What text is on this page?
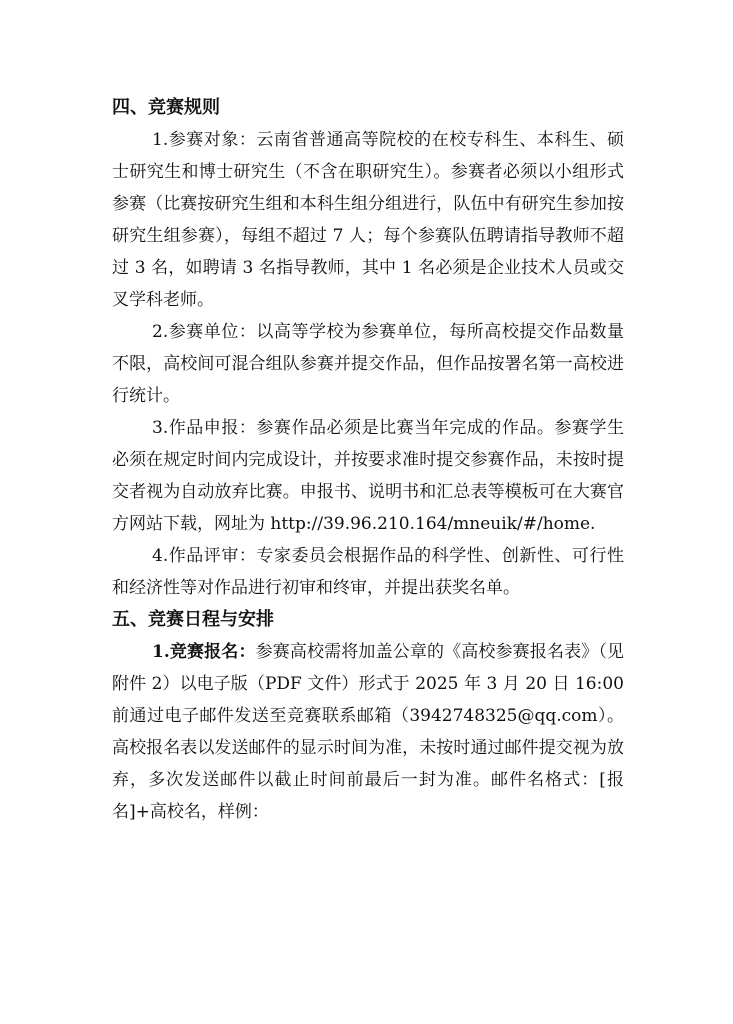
四、竞赛规则

1.参赛对象：云南省普通高等院校的在校专科生、本科生、硕士研究生和博士研究生（不含在职研究生）。参赛者必须以小组形式参赛（比赛按研究生组和本科生组分组进行，队伍中有研究生参加按研究生组参赛），每组不超过 7 人；每个参赛队伍聘请指导教师不超过 3 名，如聘请 3 名指导教师，其中 1 名必须是企业技术人员或交叉学科老师。

2.参赛单位：以高等学校为参赛单位，每所高校提交作品数量不限，高校间可混合组队参赛并提交作品，但作品按署名第一高校进行统计。

3.作品申报：参赛作品必须是比赛当年完成的作品。参赛学生必须在规定时间内完成设计，并按要求准时提交参赛作品，未按时提交者视为自动放弃比赛。申报书、说明书和汇总表等模板可在大赛官方网站下载，网址为 http://39.96.210.164/mneuik/#/home.

4.作品评审：专家委员会根据作品的科学性、创新性、可行性和经济性等对作品进行初审和终审，并提出获奖名单。

五、竞赛日程与安排

1.竞赛报名：参赛高校需将加盖公章的《高校参赛报名表》（见附件 2）以电子版（PDF 文件）形式于 2025 年 3 月 20 日 16:00 前通过电子邮件发送至竞赛联系邮箱（3942748325@qq.com）。高校报名表以发送邮件的显示时间为准，未按时通过邮件提交视为放弃，多次发送邮件以截止时间前最后一封为准。邮件名格式：[报名]+高校名，样例：
